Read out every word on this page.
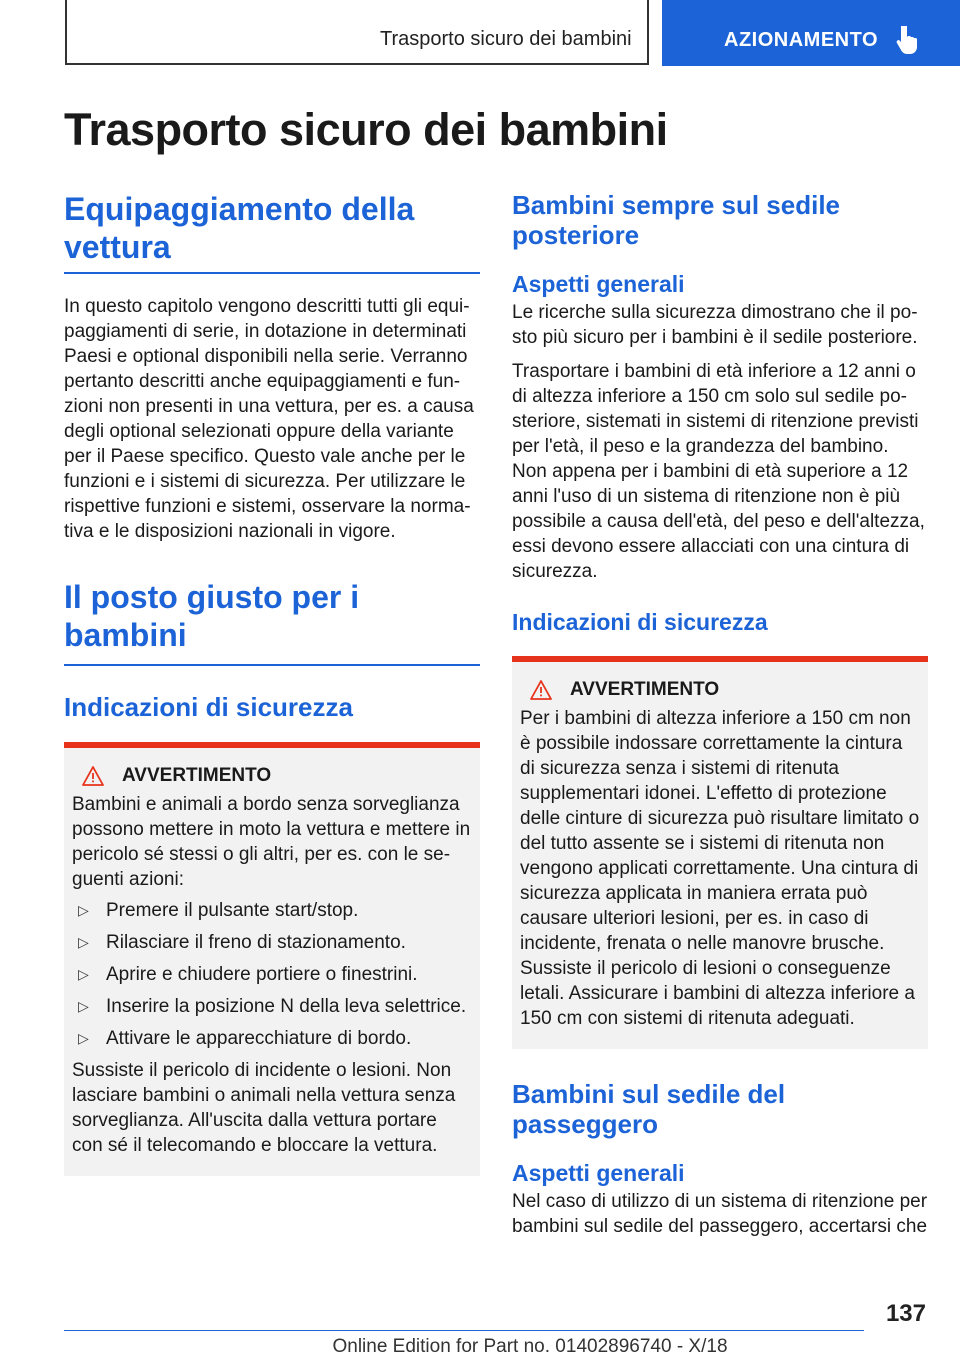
Trasporto sicuro dei bambini	AZIONAMENTO
Trasporto sicuro dei bambini
Equipaggiamento della vettura

In questo capitolo vengono descritti tutti gli equipaggiamenti di serie, in dotazione in determinati Paesi e optional disponibili nella serie. Verranno pertanto descritti anche equipaggiamenti e funzioni non presenti in una vettura, per es. a causa degli optional selezionati oppure della variante per il Paese specifico. Questo vale anche per le funzioni e i sistemi di sicurezza. Per utilizzare le rispettive funzioni e sistemi, osservare la normativa e le disposizioni nazionali in vigore.

Il posto giusto per i bambini
Indicazioni di sicurezza
AVVERTIMENTO

Bambini e animali a bordo senza sorveglianza possono mettere in moto la vettura e mettere in pericolo sé stessi o gli altri, per es. con le seguenti azioni:

▷ Premere il pulsante start/stop.
▷ Rilasciare il freno di stazionamento.
▷ Aprire e chiudere portiere o finestrini.
▷ Inserire la posizione N della leva selettrice.
▷ Attivare le apparecchiature di bordo.

Sussiste il pericolo di incidente o lesioni. Non lasciare bambini o animali nella vettura senza sorveglianza. All'uscita dalla vettura portare con sé il telecomando e bloccare la vettura.

Bambini sempre sul sedile posteriore
Aspetti generali

Le ricerche sulla sicurezza dimostrano che il posto più sicuro per i bambini è il sedile posteriore.

Trasportare i bambini di età inferiore a 12 anni o di altezza inferiore a 150 cm solo sul sedile posteriore, sistemati in sistemi di ritenzione previsti per l'età, il peso e la grandezza del bambino. Non appena per i bambini di età superiore a 12 anni l'uso di un sistema di ritenzione non è più possibile a causa dell'età, del peso e dell'altezza, essi devono essere allacciati con una cintura di sicurezza.

Indicazioni di sicurezza
AVVERTIMENTO

Per i bambini di altezza inferiore a 150 cm non è possibile indossare correttamente la cintura di sicurezza senza i sistemi di ritenuta supplementari idonei. L'effetto di protezione delle cinture di sicurezza può risultare limitato o del tutto assente se i sistemi di ritenuta non vengono applicati correttamente. Una cintura di sicurezza applicata in maniera errata può causare ulteriori lesioni, per es. in caso di incidente, frenata o nelle manovre brusche. Sussiste il pericolo di lesioni o conseguenze letali. Assicurare i bambini di altezza inferiore a 150 cm con sistemi di ritenuta adeguati.

Bambini sul sedile del passeggero
Aspetti generali

Nel caso di utilizzo di un sistema di ritenzione per bambini sul sedile del passeggero, accertarsi che

137
Online Edition for Part no. 01402896740 - X/18
